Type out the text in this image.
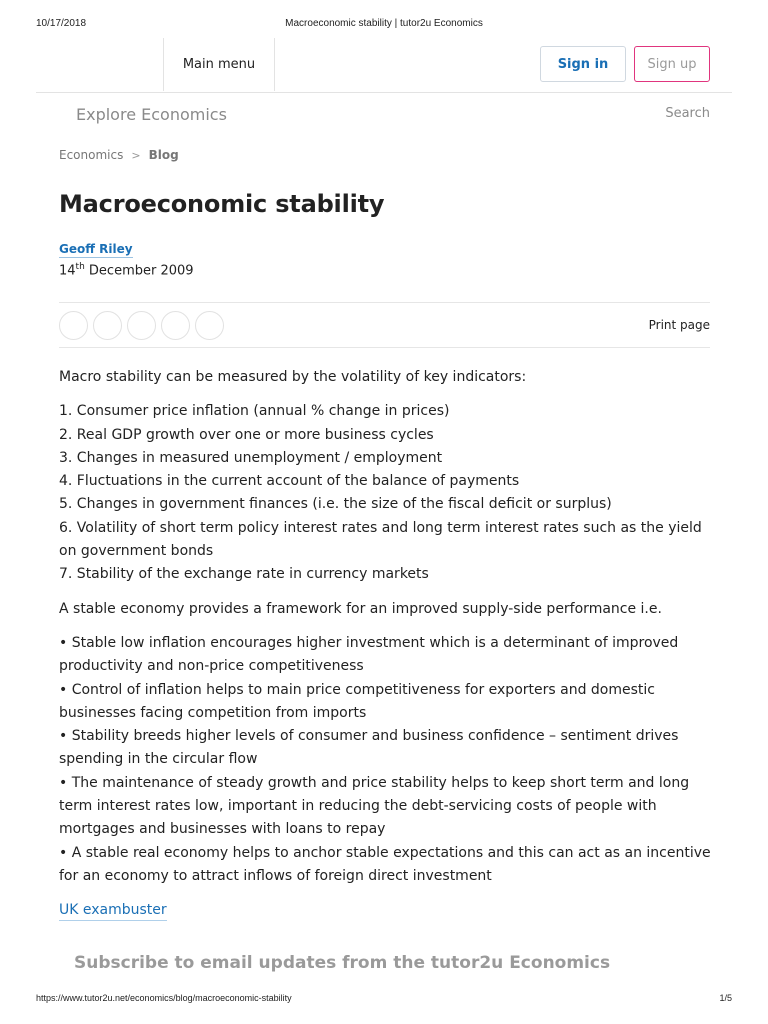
10/17/2018	Macroeconomic stability | tutor2u Economics
Main menu	Sign in	Sign up
Explore Economics	Search
Economics > Blog
Macroeconomic stability
Geoff Riley
14th December 2009
Print page

Macro stability can be measured by the volatility of key indicators:

1. Consumer price inflation (annual % change in prices)

2. Real GDP growth over one or more business cycles

3. Changes in measured unemployment / employment

4. Fluctuations in the current account of the balance of payments

5. Changes in government finances (i.e. the size of the fiscal deficit or surplus)

6. Volatility of short term policy interest rates and long term interest rates such as the yield on government bonds

7. Stability of the exchange rate in currency markets

A stable economy provides a framework for an improved supply-side performance i.e.

• Stable low inflation encourages higher investment which is a determinant of improved productivity and non-price competitiveness

• Control of inflation helps to main price competitiveness for exporters and domestic businesses facing competition from imports

• Stability breeds higher levels of consumer and business confidence – sentiment drives spending in the circular flow

• The maintenance of steady growth and price stability helps to keep short term and long term interest rates low, important in reducing the debt-servicing costs of people with mortgages and businesses with loans to repay

• A stable real economy helps to anchor stable expectations and this can act as an incentive for an economy to attract inflows of foreign direct investment

UK exambuster

Subscribe to email updates from the tutor2u Economics
https://www.tutor2u.net/economics/blog/macroeconomic-stability	1/5
